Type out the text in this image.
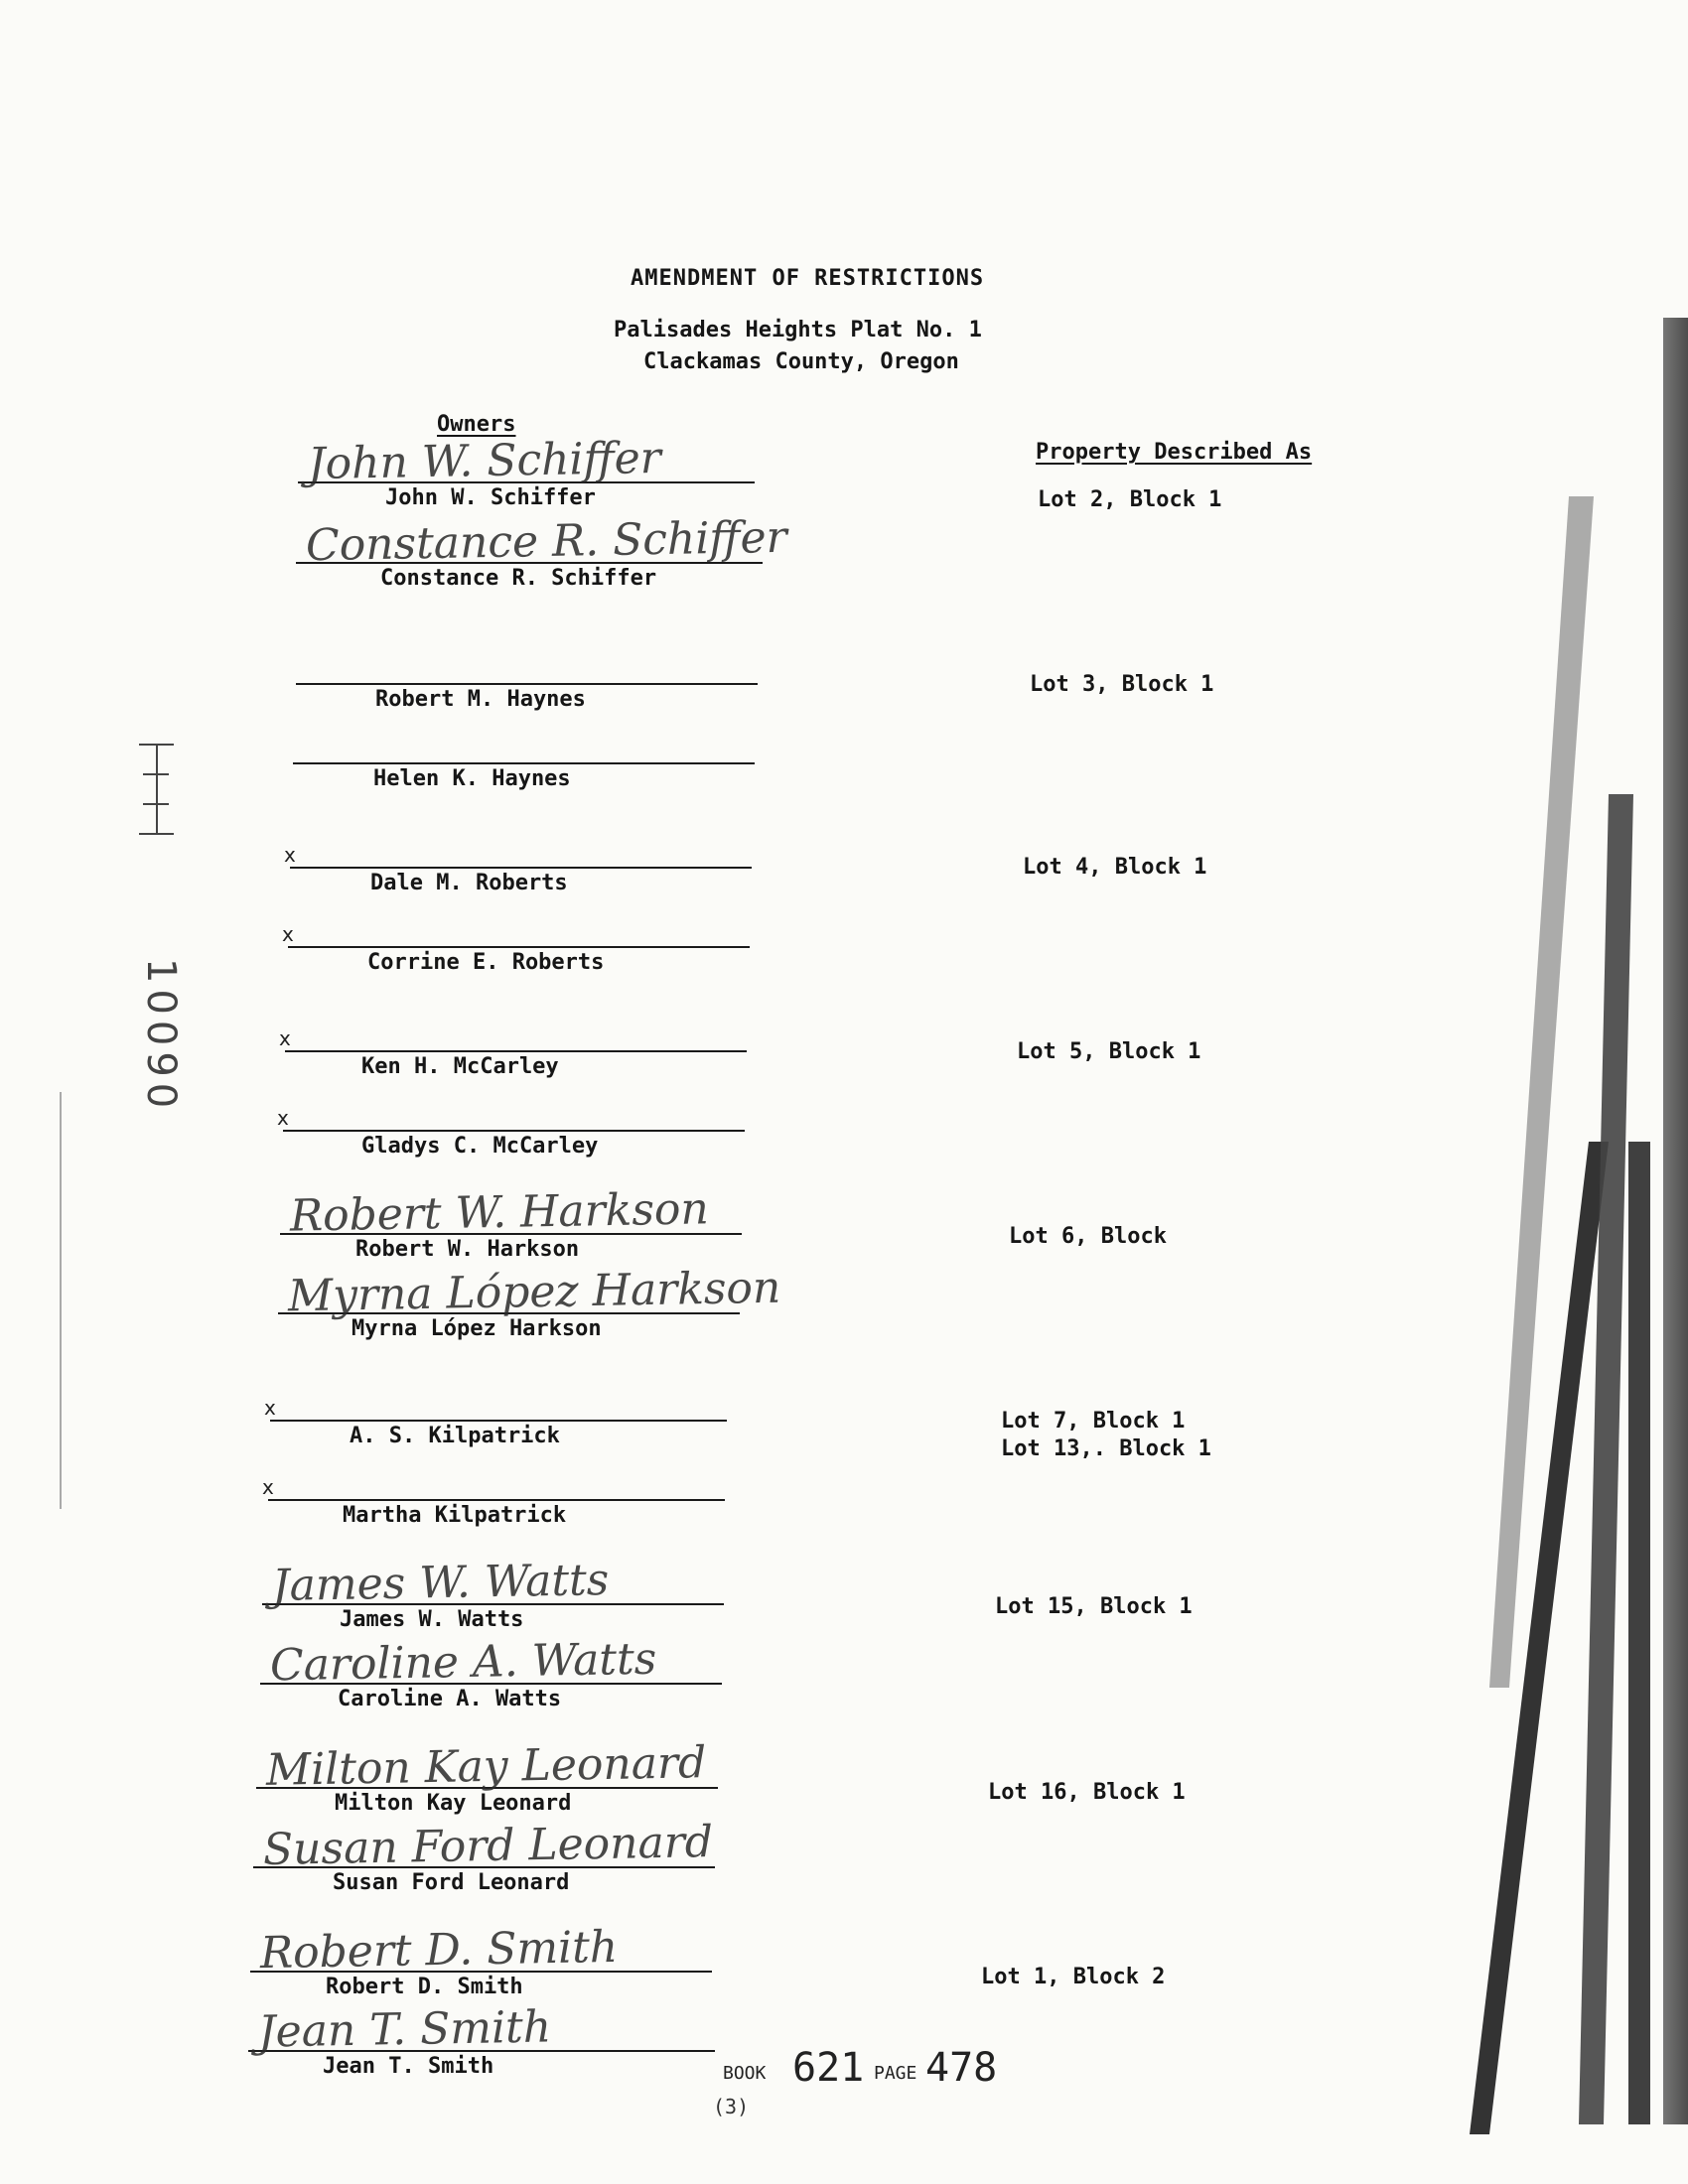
10090
AMENDMENT OF RESTRICTIONS
Palisades Heights Plat No. 1
Clackamas County, Oregon
Owners
Property Described As
John W. Schiffer
John W. Schiffer
Constance R. Schiffer
Constance R. Schiffer
Robert M. Haynes
Helen K. Haynes
x
Dale M. Roberts
x
Corrine E. Roberts
x
Ken H. McCarley
x
Gladys C. McCarley
Robert W. Harkson
Robert W. Harkson
Myrna López Harkson
Myrna López Harkson
x
A. S. Kilpatrick
x
Martha Kilpatrick
James W. Watts
James W. Watts
Caroline A. Watts
Caroline A. Watts
Milton Kay Leonard
Milton Kay Leonard
Susan Ford Leonard
Susan Ford Leonard
Robert D. Smith
Robert D. Smith
Jean T. Smith
Jean T. Smith
Lot 2, Block 1
Lot 3, Block 1
Lot 4, Block 1
Lot 5, Block 1
Lot 6, Block
Lot 7, Block 1
Lot 13,. Block 1
Lot 15, Block 1
Lot 16, Block 1
Lot 1, Block 2
BOOK 621 PAGE 478
(3)
